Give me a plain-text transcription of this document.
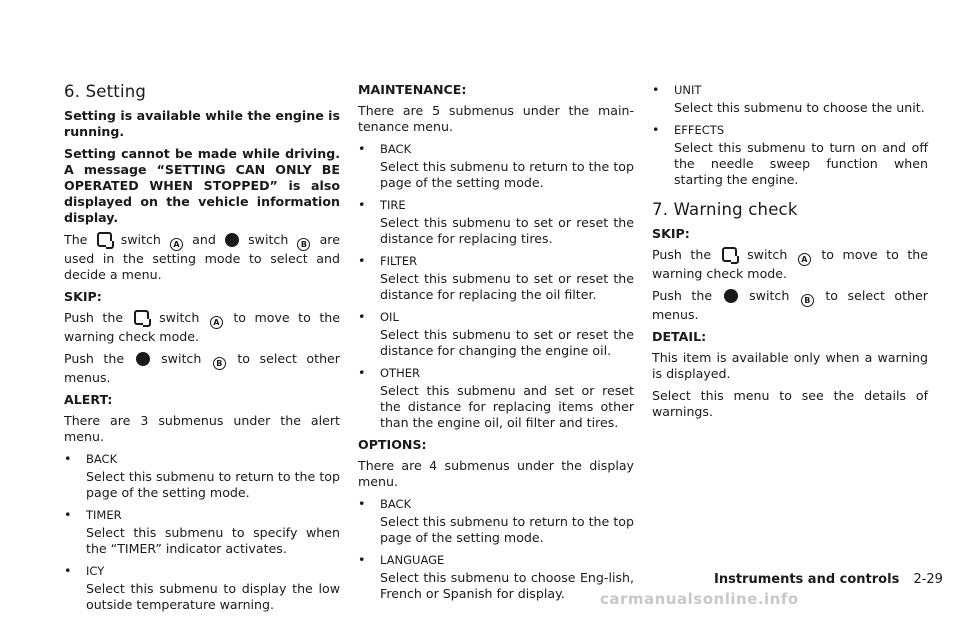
6. Setting

Setting is available while the engine is running.

Setting cannot be made while driving. A message “SETTING CAN ONLY BE OPERATED WHEN STOPPED” is also displayed on the vehicle information display.

The	switch A and	switch B are used in the setting mode to select and decide a menu.

SKIP:

Push the	switch A to move to the warning check mode.

Push the	switch B to select other menus.

ALERT:

There are 3 submenus under the alert menu.

• BACK
Select this submenu to return to the top page of the setting mode.
• TIMER
Select this submenu to specify when the “TIMER” indicator activates.
• ICY
Select this submenu to display the low outside temperature warning.
MAINTENANCE:

There are 5 submenus under the main-tenance menu.

• BACK
Select this submenu to return to the top page of the setting mode.
• TIRE
Select this submenu to set or reset the distance for replacing tires.
• FILTER
Select this submenu to set or reset the distance for replacing the oil filter.
• OIL
Select this submenu to set or reset the distance for changing the engine oil.
• OTHER
Select this submenu and set or reset the distance for replacing items other than the engine oil, oil filter and tires.
OPTIONS:

There are 4 submenus under the display menu.

• BACK
Select this submenu to return to the top page of the setting mode.
• LANGUAGE
Select this submenu to choose Eng-lish, French or Spanish for display.
• UNIT
Select this submenu to choose the unit.
• EFFECTS
Select this submenu to turn on and off the needle sweep function when starting the engine.
7. Warning check
SKIP:

Push the	switch A to move to the warning check mode.

Push the	switch B to select other menus.

DETAIL:

This item is available only when a warning is displayed.

Select this menu to see the details of warnings.

Instruments and controls 2-29
carmanualsonline.info
